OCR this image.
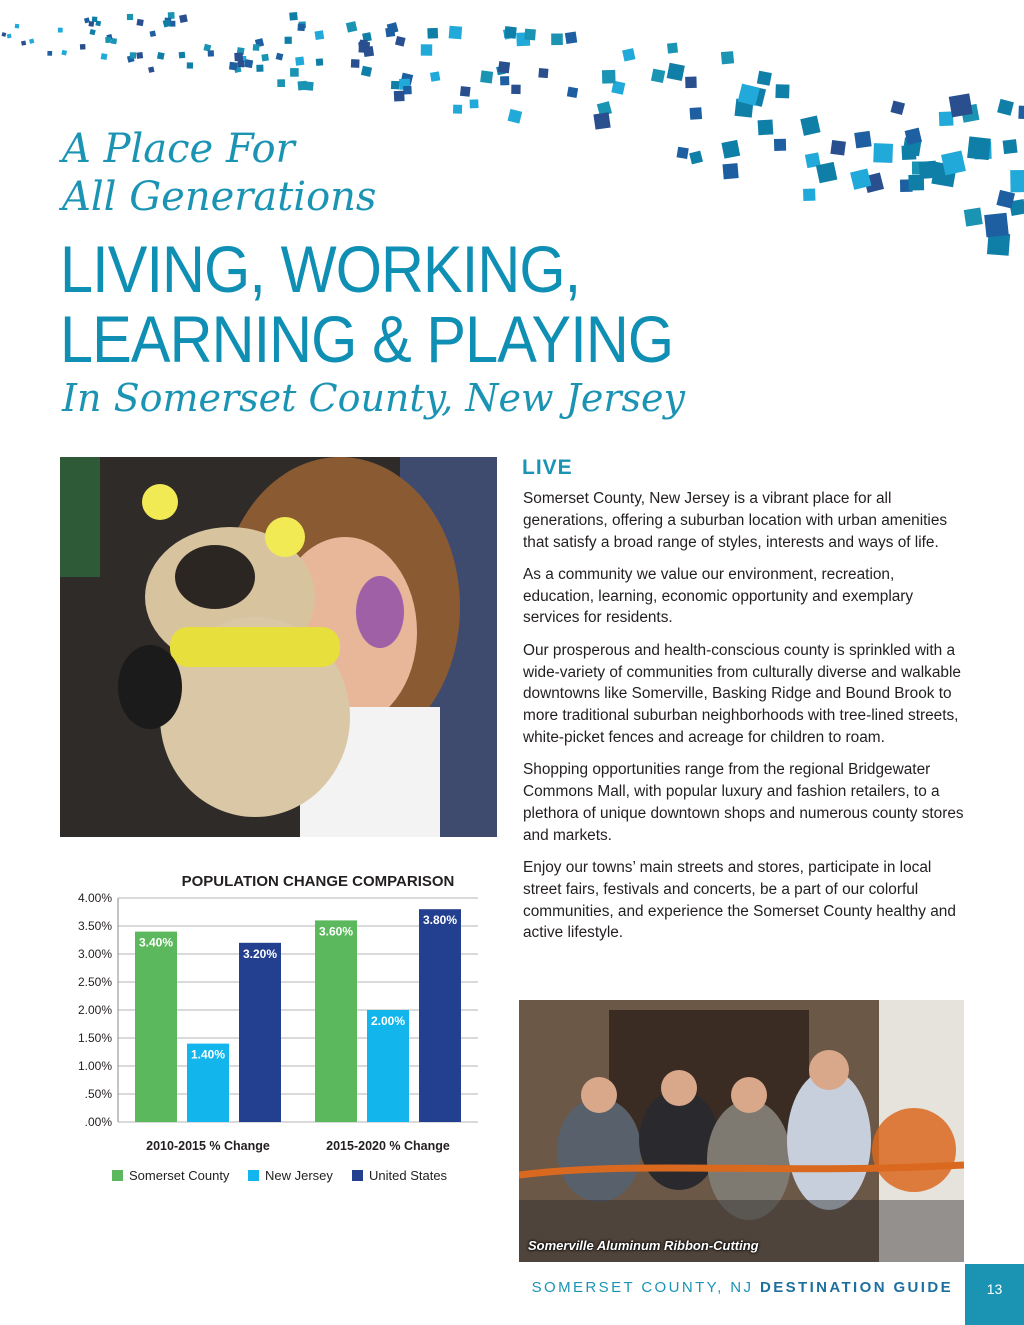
A Place For
All Generations
LIVING, WORKING,
LEARNING & PLAYING
In Somerset County, New Jersey
LIVE

Somerset County, New Jersey is a vibrant place for all generations, offering a suburban location with urban amenities that satisfy a broad range of styles, interests and ways of life.

As a community we value our environment, recreation, education, learning, economic opportunity and exemplary services for residents.

Our prosperous and health-conscious county is sprinkled with a wide-variety of communities from culturally diverse and walkable downtowns like Somerville, Basking Ridge and Bound Brook to more traditional suburban neighborhoods with tree-lined streets, white-picket fences and acreage for children to roam.

Shopping opportunities range from the regional Bridgewater Commons Mall, with popular luxury and fashion retailers, to a plethora of unique downtown shops and numerous county stores and markets.

Enjoy our towns’ main streets and stores, participate in local street fairs, festivals and concerts, be a part of our colorful communities, and experience the Somerset County healthy and active lifestyle.

POPULATION CHANGE COMPARISON
.00%
.50%
1.00%
1.50%
2.00%
2.50%
3.00%
3.50%
4.00%
3.40%
1.40%
3.20%
2010-2015 % Change
3.60%
2.00%
3.80%
2015-2020 % Change
Somerset County	New Jersey	United States
Somerville Aluminum Ribbon-Cutting
SOMERSET COUNTY, NJ DESTINATION GUIDE	13
